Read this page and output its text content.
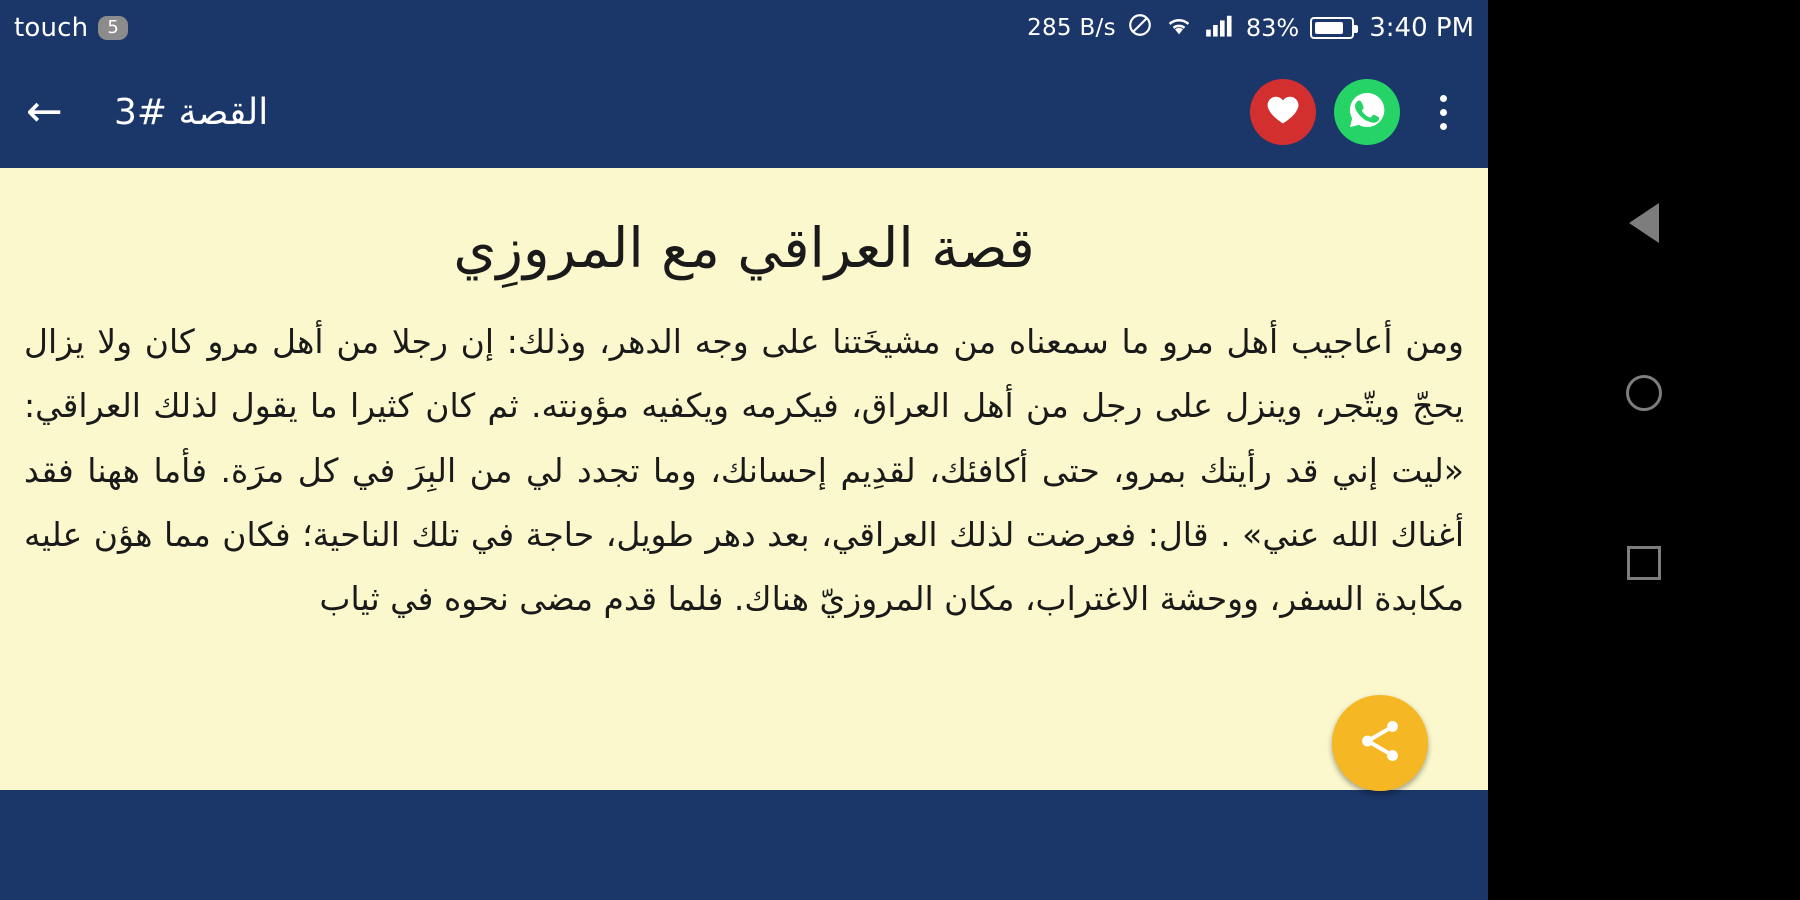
touch	5	285 B/s	83%	3:40 PM
←	القصة #3
قصة العراقي مع المروزِي
ومن أعاجيب أهل مرو ما سمعناه من مشيخَتنا على وجه الدهر، وذلك: إن رجلا من أهل مرو كان ولا يزال يحجّ ويتّجر، وينزل على رجل من أهل العراق، فيكرمه ويكفيه مؤونته. ثم كان كثيرا ما يقول لذلك العراقي: «ليت إني قد رأيتك بمرو، حتى أكافئك، لقدِيم إحسانك، وما تجدد لي من البِرَ في كل مرَة. فأما ههنا فقد أغناك الله عني» . قال: فعرضت لذلك العراقي، بعد دهر طويل، حاجة في تلك الناحية؛ فكان مما هؤن عليه مكابدة السفر، ووحشة الاغتراب، مكان المروزيّ هناك. فلما قدم مضى نحوه في ثياب
